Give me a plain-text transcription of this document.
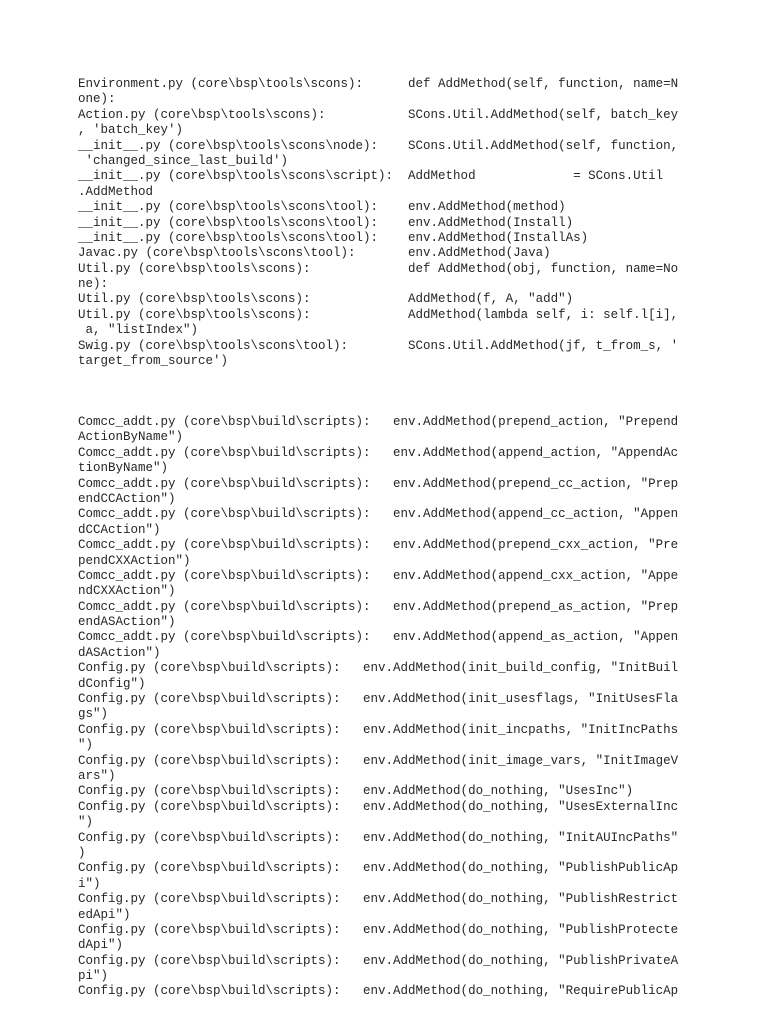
Environment.py (core\bsp\tools\scons):      def AddMethod(self, function, name=N
one):
Action.py (core\bsp\tools\scons):           SCons.Util.AddMethod(self, batch_key
, 'batch_key')
__init__.py (core\bsp\tools\scons\node):    SCons.Util.AddMethod(self, function,
'changed_since_last_build')
__init__.py (core\bsp\tools\scons\script):  AddMethod             = SCons.Util
.AddMethod
__init__.py (core\bsp\tools\scons\tool):    env.AddMethod(method)
__init__.py (core\bsp\tools\scons\tool):    env.AddMethod(Install)
__init__.py (core\bsp\tools\scons\tool):    env.AddMethod(InstallAs)
Javac.py (core\bsp\tools\scons\tool):       env.AddMethod(Java)
Util.py (core\bsp\tools\scons):             def AddMethod(obj, function, name=No
ne):
Util.py (core\bsp\tools\scons):             AddMethod(f, A, "add")
Util.py (core\bsp\tools\scons):             AddMethod(lambda self, i: self.l[i],
a, "listIndex")
Swig.py (core\bsp\tools\scons\tool):        SCons.Util.AddMethod(jf, t_from_s, '
target_from_source')
Comcc_addt.py (core\bsp\build\scripts):   env.AddMethod(prepend_action, "Prepend
ActionByName")
Comcc_addt.py (core\bsp\build\scripts):   env.AddMethod(append_action, "AppendAc
tionByName")
Comcc_addt.py (core\bsp\build\scripts):   env.AddMethod(prepend_cc_action, "Prep
endCCAction")
Comcc_addt.py (core\bsp\build\scripts):   env.AddMethod(append_cc_action, "Appen
dCCAction")
Comcc_addt.py (core\bsp\build\scripts):   env.AddMethod(prepend_cxx_action, "Pre
pendCXXAction")
Comcc_addt.py (core\bsp\build\scripts):   env.AddMethod(append_cxx_action, "Appe
ndCXXAction")
Comcc_addt.py (core\bsp\build\scripts):   env.AddMethod(prepend_as_action, "Prep
endASAction")
Comcc_addt.py (core\bsp\build\scripts):   env.AddMethod(append_as_action, "Appen
dASAction")
Config.py (core\bsp\build\scripts):   env.AddMethod(init_build_config, "InitBuil
dConfig")
Config.py (core\bsp\build\scripts):   env.AddMethod(init_usesflags, "InitUsesFla
gs")
Config.py (core\bsp\build\scripts):   env.AddMethod(init_incpaths, "InitIncPaths
")
Config.py (core\bsp\build\scripts):   env.AddMethod(init_image_vars, "InitImageV
ars")
Config.py (core\bsp\build\scripts):   env.AddMethod(do_nothing, "UsesInc")
Config.py (core\bsp\build\scripts):   env.AddMethod(do_nothing, "UsesExternalInc
")
Config.py (core\bsp\build\scripts):   env.AddMethod(do_nothing, "InitAUIncPaths"
)
Config.py (core\bsp\build\scripts):   env.AddMethod(do_nothing, "PublishPublicAp
i")
Config.py (core\bsp\build\scripts):   env.AddMethod(do_nothing, "PublishRestrict
edApi")
Config.py (core\bsp\build\scripts):   env.AddMethod(do_nothing, "PublishProtecte
dApi")
Config.py (core\bsp\build\scripts):   env.AddMethod(do_nothing, "PublishPrivateA
pi")
Config.py (core\bsp\build\scripts):   env.AddMethod(do_nothing, "RequirePublicAp
